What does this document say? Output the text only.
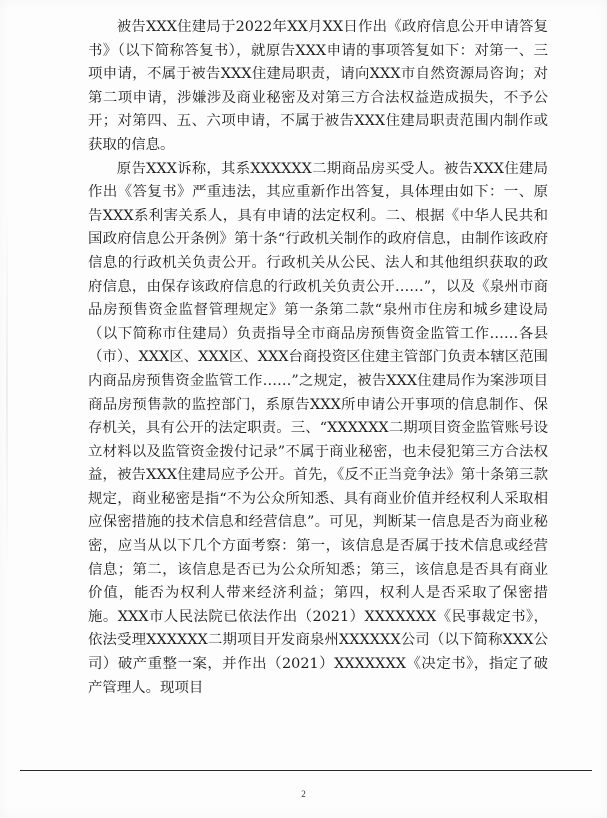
被告XXX住建局于2022年XX月XX日作出《政府信息公开申请答复书》（以下简称答复书），就原告XXX申请的事项答复如下：对第一、三项申请，不属于被告XXX住建局职责，请向XXX市自然资源局咨询；对第二项申请，涉嫌涉及商业秘密及对第三方合法权益造成损失，不予公开；对第四、五、六项申请，不属于被告XXX住建局职责范围内制作或获取的信息。

原告XXX诉称，其系XXXXXX二期商品房买受人。被告XXX住建局作出《答复书》严重违法，其应重新作出答复，具体理由如下：一、原告XXX系利害关系人，具有申请的法定权利。二、根据《中华人民共和国政府信息公开条例》第十条“行政机关制作的政府信息，由制作该政府信息的行政机关负责公开。行政机关从公民、法人和其他组织获取的政府信息，由保存该政府信息的行政机关负责公开……”，以及《泉州市商品房预售资金监督管理规定》第一条第二款“泉州市住房和城乡建设局（以下简称市住建局）负责指导全市商品房预售资金监管工作……各县（市）、XXX区、XXX区、XXX台商投资区住建主管部门负责本辖区范围内商品房预售资金监管工作……”之规定，被告XXX住建局作为案涉项目商品房预售款的监控部门，系原告XXX所申请公开事项的信息制作、保存机关，具有公开的法定职责。三、“XXXXXX二期项目资金监管账号设立材料以及监管资金拨付记录”不属于商业秘密，也未侵犯第三方合法权益，被告XXX住建局应予公开。首先，《反不正当竞争法》第十条第三款规定，商业秘密是指“不为公众所知悉、具有商业价值并经权利人采取相应保密措施的技术信息和经营信息”。可见，判断某一信息是否为商业秘密，应当从以下几个方面考察：第一，该信息是否属于技术信息或经营信息；第二，该信息是否已为公众所知悉；第三，该信息是否具有商业价值，能否为权利人带来经济利益；第四，权利人是否采取了保密措施。XXX市人民法院已依法作出（2021）XXXXXXX《民事裁定书》，依法受理XXXXXX二期项目开发商泉州XXXXXX公司（以下简称XXX公司）破产重整一案，并作出（2021）XXXXXXX《决定书》，指定了破产管理人。现项目

2
